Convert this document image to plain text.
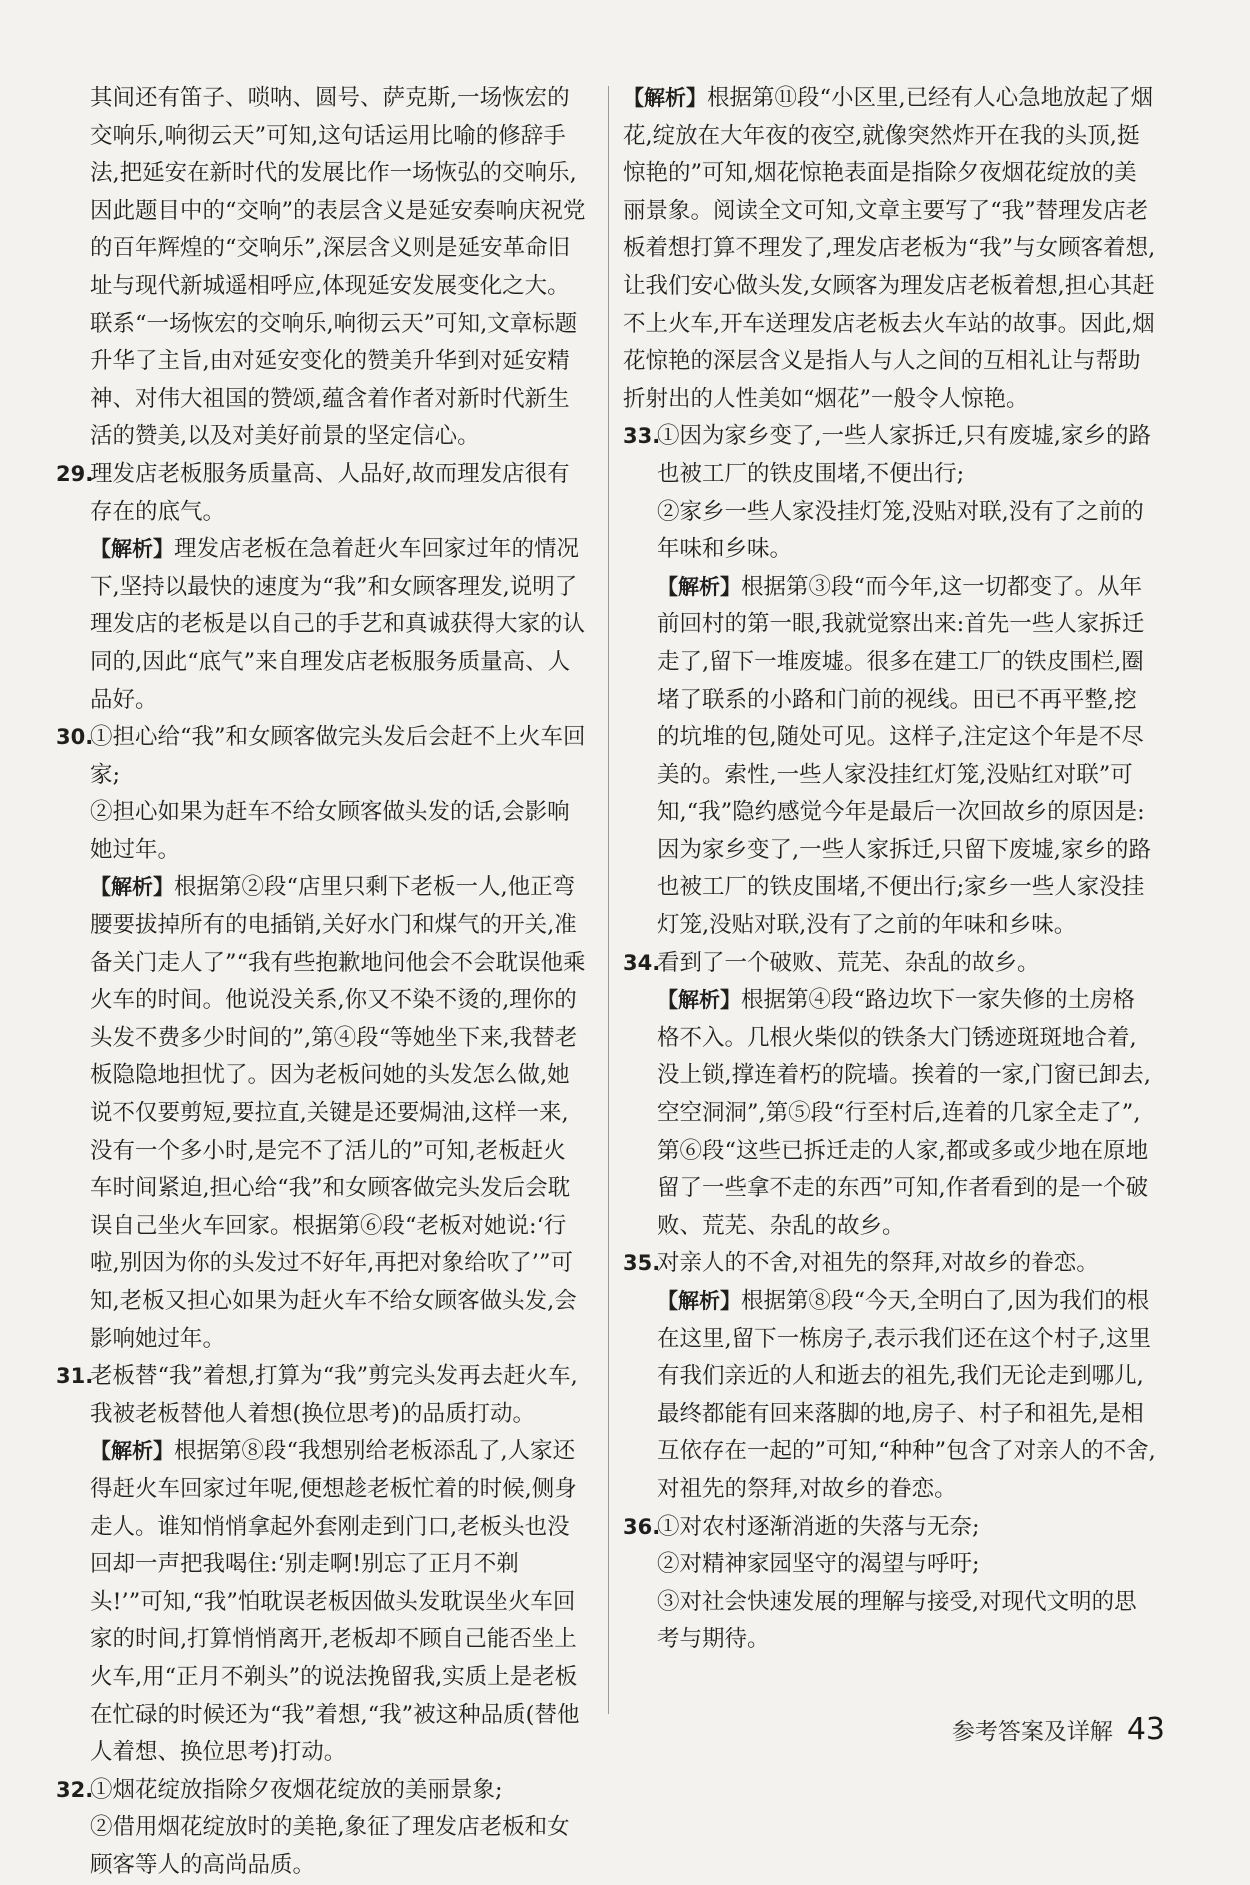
其间还有笛子、唢呐、圆号、萨克斯,一场恢宏的交响乐,响彻云天”可知,这句话运用比喻的修辞手法,把延安在新时代的发展比作一场恢弘的交响乐,因此题目中的“交响”的表层含义是延安奏响庆祝党的百年辉煌的“交响乐”,深层含义则是延安革命旧址与现代新城遥相呼应,体现延安发展变化之大。联系“一场恢宏的交响乐,响彻云天”可知,文章标题升华了主旨,由对延安变化的赞美升华到对延安精神、对伟大祖国的赞颂,蕴含着作者对新时代新生活的赞美,以及对美好前景的坚定信心。

29.

理发店老板服务质量高、人品好,故而理发店很有存在的底气。

【解析】理发店老板在急着赶火车回家过年的情况下,坚持以最快的速度为“我”和女顾客理发,说明了理发店的老板是以自己的手艺和真诚获得大家的认同的,因此“底气”来自理发店老板服务质量高、人品好。

30.

①担心给“我”和女顾客做完头发后会赶不上火车回家;

②担心如果为赶车不给女顾客做头发的话,会影响她过年。

【解析】根据第②段“店里只剩下老板一人,他正弯腰要拔掉所有的电插销,关好水门和煤气的开关,准备关门走人了”“我有些抱歉地问他会不会耽误他乘火车的时间。他说没关系,你又不染不烫的,理你的头发不费多少时间的”,第④段“等她坐下来,我替老板隐隐地担忧了。因为老板问她的头发怎么做,她说不仅要剪短,要拉直,关键是还要焗油,这样一来,没有一个多小时,是完不了活儿的”可知,老板赶火车时间紧迫,担心给“我”和女顾客做完头发后会耽误自己坐火车回家。根据第⑥段“老板对她说:‘行啦,别因为你的头发过不好年,再把对象给吹了’”可知,老板又担心如果为赶火车不给女顾客做头发,会影响她过年。

31.

老板替“我”着想,打算为“我”剪完头发再去赶火车,我被老板替他人着想(换位思考)的品质打动。

【解析】根据第⑧段“我想别给老板添乱了,人家还得赶火车回家过年呢,便想趁老板忙着的时候,侧身走人。谁知悄悄拿起外套刚走到门口,老板头也没回却一声把我喝住:‘别走啊!别忘了正月不剃头!’”可知,“我”怕耽误老板因做头发耽误坐火车回家的时间,打算悄悄离开,老板却不顾自己能否坐上火车,用“正月不剃头”的说法挽留我,实质上是老板在忙碌的时候还为“我”着想,“我”被这种品质(替他人着想、换位思考)打动。

32.

①烟花绽放指除夕夜烟花绽放的美丽景象;

②借用烟花绽放时的美艳,象征了理发店老板和女顾客等人的高尚品质。

【解析】根据第⑪段“小区里,已经有人心急地放起了烟花,绽放在大年夜的夜空,就像突然炸开在我的头顶,挺惊艳的”可知,烟花惊艳表面是指除夕夜烟花绽放的美丽景象。阅读全文可知,文章主要写了“我”替理发店老板着想打算不理发了,理发店老板为“我”与女顾客着想,让我们安心做头发,女顾客为理发店老板着想,担心其赶不上火车,开车送理发店老板去火车站的故事。因此,烟花惊艳的深层含义是指人与人之间的互相礼让与帮助折射出的人性美如“烟花”一般令人惊艳。

33.

①因为家乡变了,一些人家拆迁,只有废墟,家乡的路也被工厂的铁皮围堵,不便出行;

②家乡一些人家没挂灯笼,没贴对联,没有了之前的年味和乡味。

【解析】根据第③段“而今年,这一切都变了。从年前回村的第一眼,我就觉察出来:首先一些人家拆迁走了,留下一堆废墟。很多在建工厂的铁皮围栏,圈堵了联系的小路和门前的视线。田已不再平整,挖的坑堆的包,随处可见。这样子,注定这个年是不尽美的。索性,一些人家没挂红灯笼,没贴红对联”可知,“我”隐约感觉今年是最后一次回故乡的原因是:因为家乡变了,一些人家拆迁,只留下废墟,家乡的路也被工厂的铁皮围堵,不便出行;家乡一些人家没挂灯笼,没贴对联,没有了之前的年味和乡味。

34.

看到了一个破败、荒芜、杂乱的故乡。

【解析】根据第④段“路边坎下一家失修的土房格格不入。几根火柴似的铁条大门锈迹斑斑地合着,没上锁,撑连着朽的院墙。挨着的一家,门窗已卸去,空空洞洞”,第⑤段“行至村后,连着的几家全走了”,第⑥段“这些已拆迁走的人家,都或多或少地在原地留了一些拿不走的东西”可知,作者看到的是一个破败、荒芜、杂乱的故乡。

35.

对亲人的不舍,对祖先的祭拜,对故乡的眷恋。

【解析】根据第⑧段“今天,全明白了,因为我们的根在这里,留下一栋房子,表示我们还在这个村子,这里有我们亲近的人和逝去的祖先,我们无论走到哪儿,最终都能有回来落脚的地,房子、村子和祖先,是相互依存在一起的”可知,“种种”包含了对亲人的不舍,对祖先的祭拜,对故乡的眷恋。

36.

①对农村逐渐消逝的失落与无奈;

②对精神家园坚守的渴望与呼吁;

③对社会快速发展的理解与接受,对现代文明的思考与期待。

参考答案及详解 43
